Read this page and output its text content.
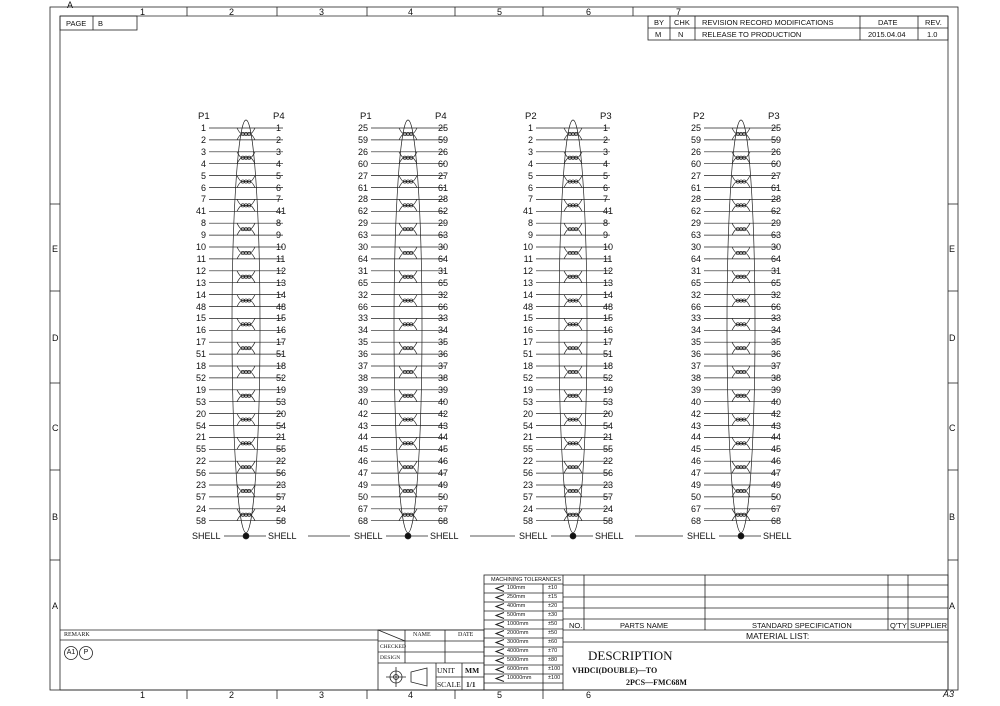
A
A3
1	2	3	4	5	6	7
1	2	3	4	5	6
E
D
C
B
A
E
D
C
B
A
PAGE B	BY CHK REVISION RECORD MODIFICATIONS	DATE	REV.
M N RELEASE TO PRODUCTION	2015.04.04	1.0
P1	P4
1	1
2	2
3	3
4	4
5	5
6	6
7	7
41	41
8	8
9	9
10	10
11	11
12	12
13	13
14	14
48	48
15	15
16	16
17	17
51	51
18	18
52	52
19	19
53	53
20	20
54	54
21	21
55	55
22	22
56	56
23	23
57	57
24	24
58	58
SHELL	SHELL
P1	P4
25	25
59	59
26	26
60	60
27	27
61	61
28	28
62	62
29	29
63	63
30	30
64	64
31	31
65	65
32	32
66	66
33	33
34	34
35	35
36	36
37	37
38	38
39	39
40	40
42	42
43	43
44	44
45	45
46	46
47	47
49	49
50	50
67	67
68	68
SHELL	SHELL
P2	P3
1	1
2	2
3	3
4	4
5	5
6	6
7	7
41	41
8	8
9	9
10	10
11	11
12	12
13	13
14	14
48	48
15	15
16	16
17	17
51	51
18	18
52	52
19	19
53	53
20	20
54	54
21	21
55	55
22	22
56	56
23	23
57	57
24	24
58	58
SHELL	SHELL
P2	P3
25	25
59	59
26	26
60	60
27	27
61	61
28	28
62	62
29	29
63	63
30	30
64	64
31	31
65	65
32	32
66	66
33	33
34	34
35	35
36	36
37	37
38	38
39	39
40	40
42	42
43	43
44	44
45	45
46	46
47	47
49	49
50	50
67	67
68	68
SHELL	SHELL
MACHINING TOLERANCES
100mm	±10
250mm	±15
400mm	±20
500mm	±30
1000mm	±50
2000mm	±50
3000mm	±60
4000mm	±70
5000mm	±80
6000mm	±100
10000mm	±100
NO.	PARTS NAME	STANDARD SPECIFICATION	Q'TY SUPPLIER
MATERIAL LIST:
REMARK
A1 P
NAME	DATE
CHECKED
DESIGN
UNIT MM
SCALE 1/1
DESCRIPTION
VHDCI(DOUBLE)—TO
2PCS—FMC68M
